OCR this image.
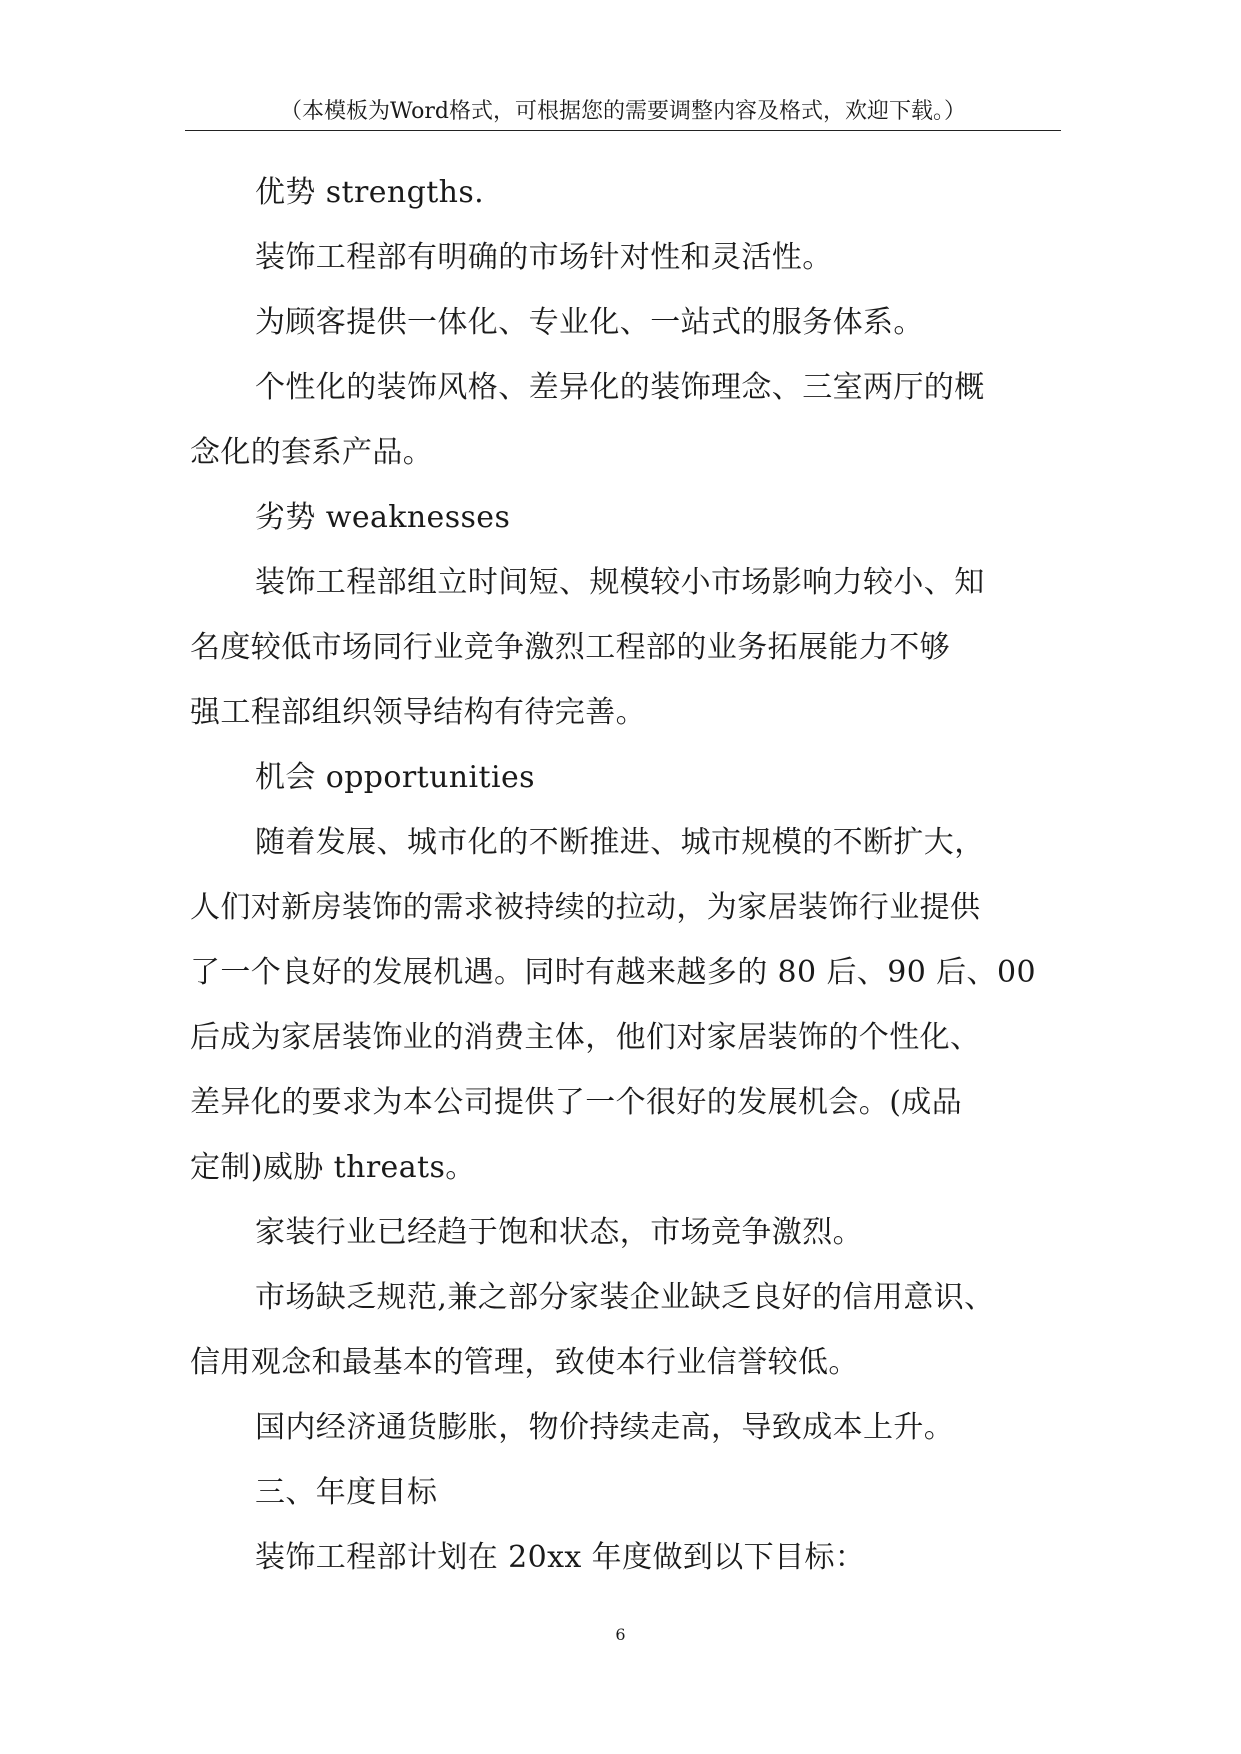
（本模板为Word格式，可根据您的需要调整内容及格式，欢迎下载。）
优势 strengths.
装饰工程部有明确的市场针对性和灵活性。
为顾客提供一体化、专业化、一站式的服务体系。
个性化的装饰风格、差异化的装饰理念、三室两厅的概
念化的套系产品。
劣势 weaknesses
装饰工程部组立时间短、规模较小市场影响力较小、知
名度较低市场同行业竞争激烈工程部的业务拓展能力不够
强工程部组织领导结构有待完善。
机会 opportunities
随着发展、城市化的不断推进、城市规模的不断扩大，
人们对新房装饰的需求被持续的拉动，为家居装饰行业提供
了一个良好的发展机遇。同时有越来越多的 80 后、90 后、00
后成为家居装饰业的消费主体，他们对家居装饰的个性化、
差异化的要求为本公司提供了一个很好的发展机会。(成品
定制)威胁 threats。
家装行业已经趋于饱和状态，市场竞争激烈。
市场缺乏规范,兼之部分家装企业缺乏良好的信用意识、
信用观念和最基本的管理，致使本行业信誉较低。
国内经济通货膨胀，物价持续走高，导致成本上升。
三、年度目标
装饰工程部计划在 20xx 年度做到以下目标：
6
